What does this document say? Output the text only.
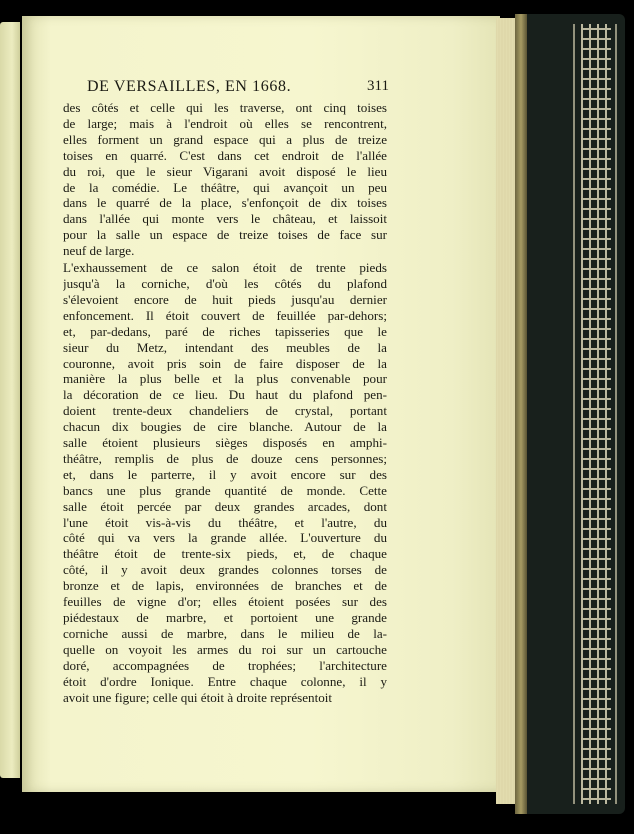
DE VERSAILLES, EN 1668.	311
des côtés et celle qui les traverse, ont cinq toises
de large; mais à l'endroit où elles se rencontrent,
elles forment un grand espace qui a plus de treize
toises en quarré. C'est dans cet endroit de l'allée
du roi, que le sieur Vigarani avoit disposé le lieu
de la comédie. Le théâtre, qui avançoit un peu
dans le quarré de la place, s'enfonçoit de dix toises
dans l'allée qui monte vers le château, et laissoit
pour la salle un espace de treize toises de face sur
neuf de large.
L'exhaussement de ce salon étoit de trente pieds
jusqu'à la corniche, d'où les côtés du plafond
s'élevoient encore de huit pieds jusqu'au dernier
enfoncement. Il étoit couvert de feuillée par-dehors;
et, par-dedans, paré de riches tapisseries que le
sieur du Metz, intendant des meubles de la
couronne, avoit pris soin de faire disposer de la
manière la plus belle et la plus convenable pour
la décoration de ce lieu. Du haut du plafond pen-
doient trente-deux chandeliers de crystal, portant
chacun dix bougies de cire blanche. Autour de la
salle étoient plusieurs sièges disposés en amphi-
théâtre, remplis de plus de douze cens personnes;
et, dans le parterre, il y avoit encore sur des
bancs une plus grande quantité de monde. Cette
salle étoit percée par deux grandes arcades, dont
l'une étoit vis-à-vis du théâtre, et l'autre, du
côté qui va vers la grande allée. L'ouverture du
théâtre étoit de trente-six pieds, et, de chaque
côté, il y avoit deux grandes colonnes torses de
bronze et de lapis, environnées de branches et de
feuilles de vigne d'or; elles étoient posées sur des
piédestaux de marbre, et portoient une grande
corniche aussi de marbre, dans le milieu de la-
quelle on voyoit les armes du roi sur un cartouche
doré, accompagnées de trophées; l'architecture
étoit d'ordre Ionique. Entre chaque colonne, il y
avoit une figure; celle qui étoit à droite représentoit
